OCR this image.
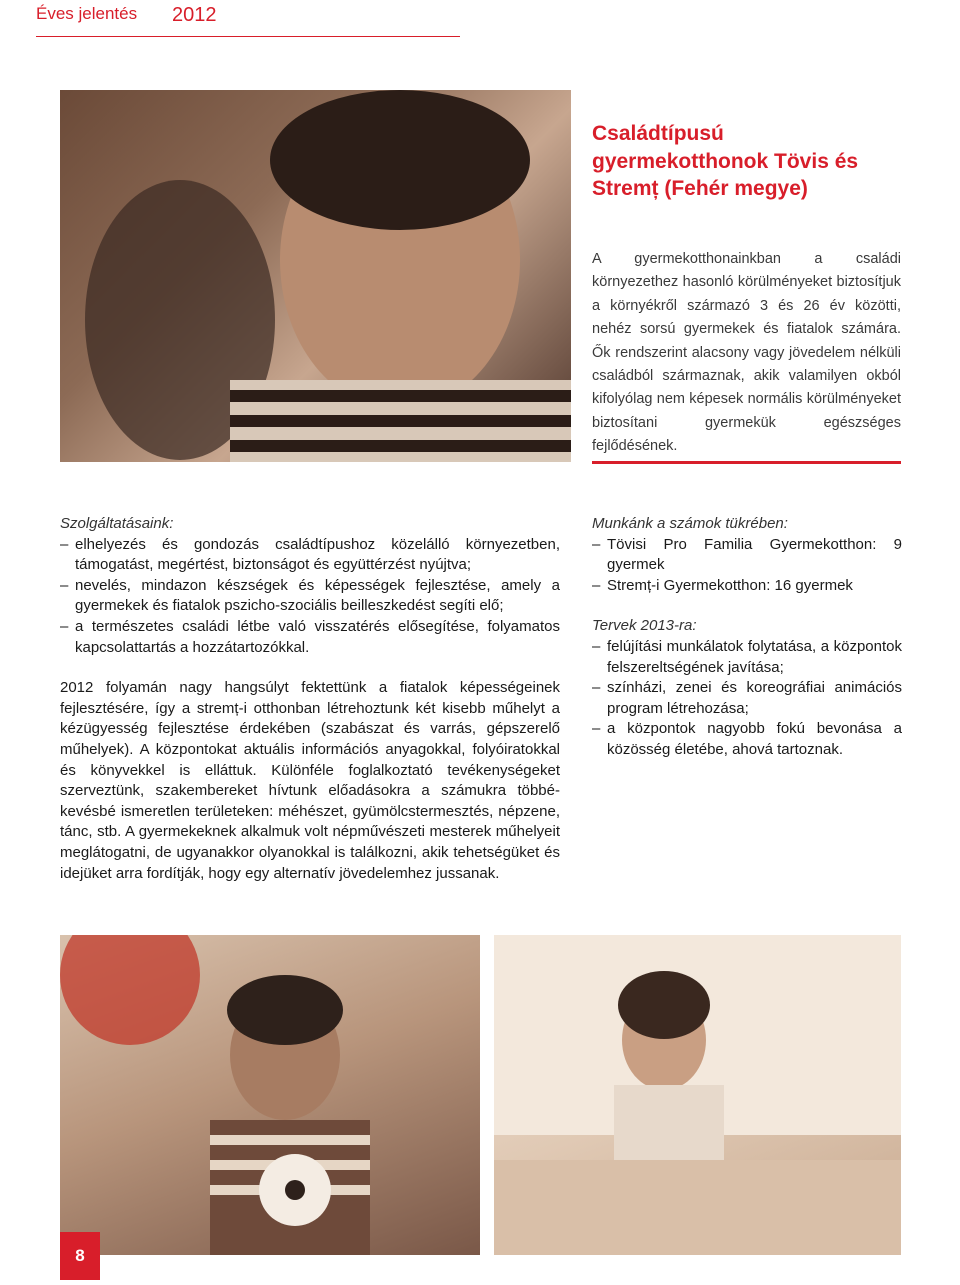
Éves jelentés 2012
Családtípusú gyermekotthonok Tövis és Stremț (Fehér megye)
A gyermekotthonainkban a családi környezethez hasonló körülményeket biztosítjuk a környékről származó 3 és 26 év közötti, nehéz sorsú gyermekek és fiatalok számára. Ők rendszerint alacsony vagy jövedelem nélküli családból származnak, akik valamilyen okból kifolyólag nem képesek normális körülményeket biztosítani gyermekük egészséges fejlődésének.
Szolgáltatásaink:
– elhelyezés és gondozás családtípushoz közelálló környezetben, támogatást, megértést, biztonságot és együttérzést nyújtva;
– nevelés, mindazon készségek és képességek fejlesztése, amely a gyermekek és fiatalok pszicho-szociális beilleszkedést segíti elő;
– a természetes családi létbe való visszatérés elősegítése, folyamatos kapcsolattartás a hozzátartozókkal.
2012 folyamán nagy hangsúlyt fektettünk a fiatalok képességeinek fejlesztésére, így a stremț-i otthonban létrehoztunk két kisebb műhelyt a kézügyesség fejlesztése érdekében (szabászat és varrás, gépszerelő műhelyek). A központokat aktuális információs anyagokkal, folyóiratokkal és könyvekkel is elláttuk. Különféle foglalkoztató tevékenységeket szerveztünk, szakembereket hívtunk előadásokra a számukra többé-kevésbé ismeretlen területeken: méhészet, gyümölcstermesztés, népzene, tánc, stb. A gyermekeknek alkalmuk volt népművészeti mesterek műhelyeit meglátogatni, de ugyanakkor olyanokkal is találkozni, akik tehetségüket és idejüket arra fordítják, hogy egy alternatív jövedelemhez jussanak.
Munkánk a számok tükrében:
– Tövisi Pro Familia Gyermekotthon: 9 gyermek
– Stremț-i Gyermekotthon: 16 gyermek
Tervek 2013-ra:
– felújítási munkálatok folytatása, a központok felszereltségének javítása;
– színházi, zenei és koreográfiai animációs program létrehozása;
– a központok nagyobb fokú bevonása a közösség életébe, ahová tartoznak.
8
